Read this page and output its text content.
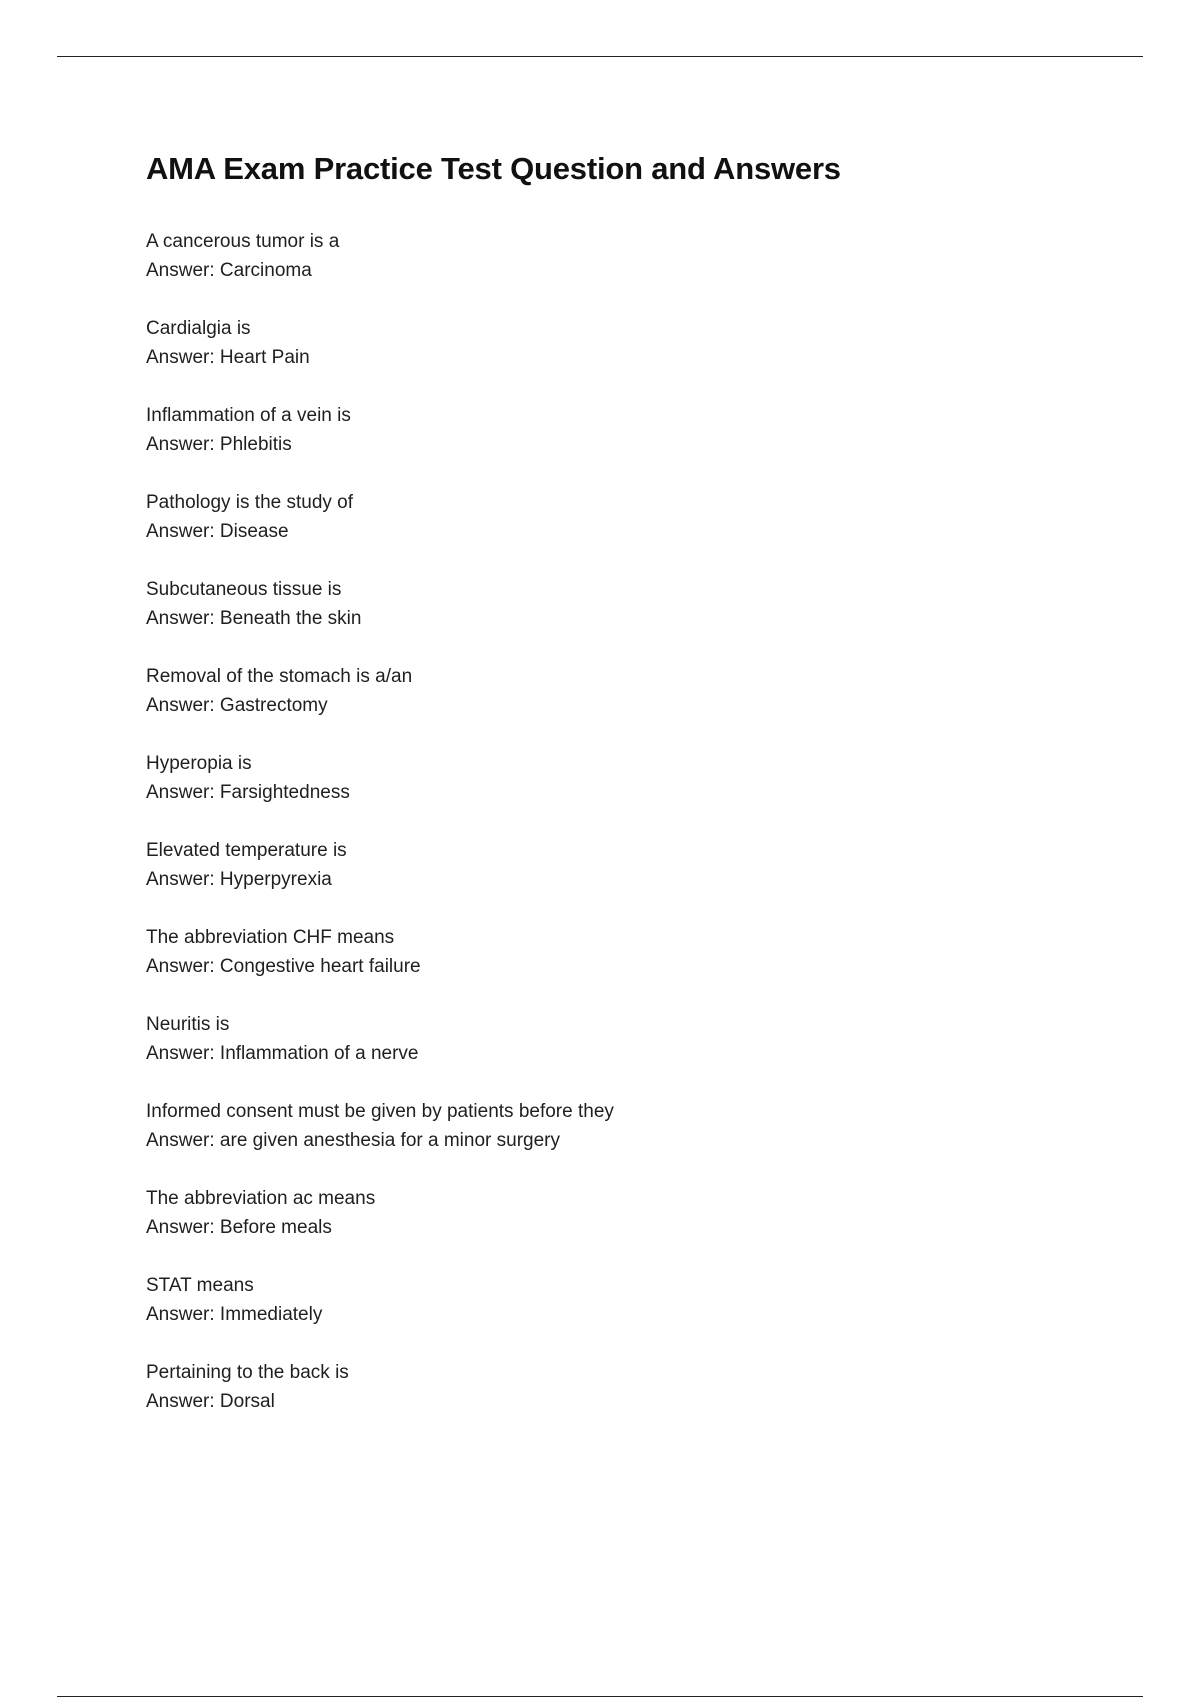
AMA Exam Practice Test Question and Answers
A cancerous tumor is a
Answer: Carcinoma
Cardialgia is
Answer: Heart Pain
Inflammation of a vein is
Answer: Phlebitis
Pathology is the study of
Answer: Disease
Subcutaneous tissue is
Answer: Beneath the skin
Removal of the stomach is a/an
Answer: Gastrectomy
Hyperopia is
Answer: Farsightedness
Elevated temperature is
Answer: Hyperpyrexia
The abbreviation CHF means
Answer: Congestive heart failure
Neuritis is
Answer: Inflammation of a nerve
Informed consent must be given by patients before they
Answer: are given anesthesia for a minor surgery
The abbreviation ac means
Answer: Before meals
STAT means
Answer: Immediately
Pertaining to the back is
Answer: Dorsal
